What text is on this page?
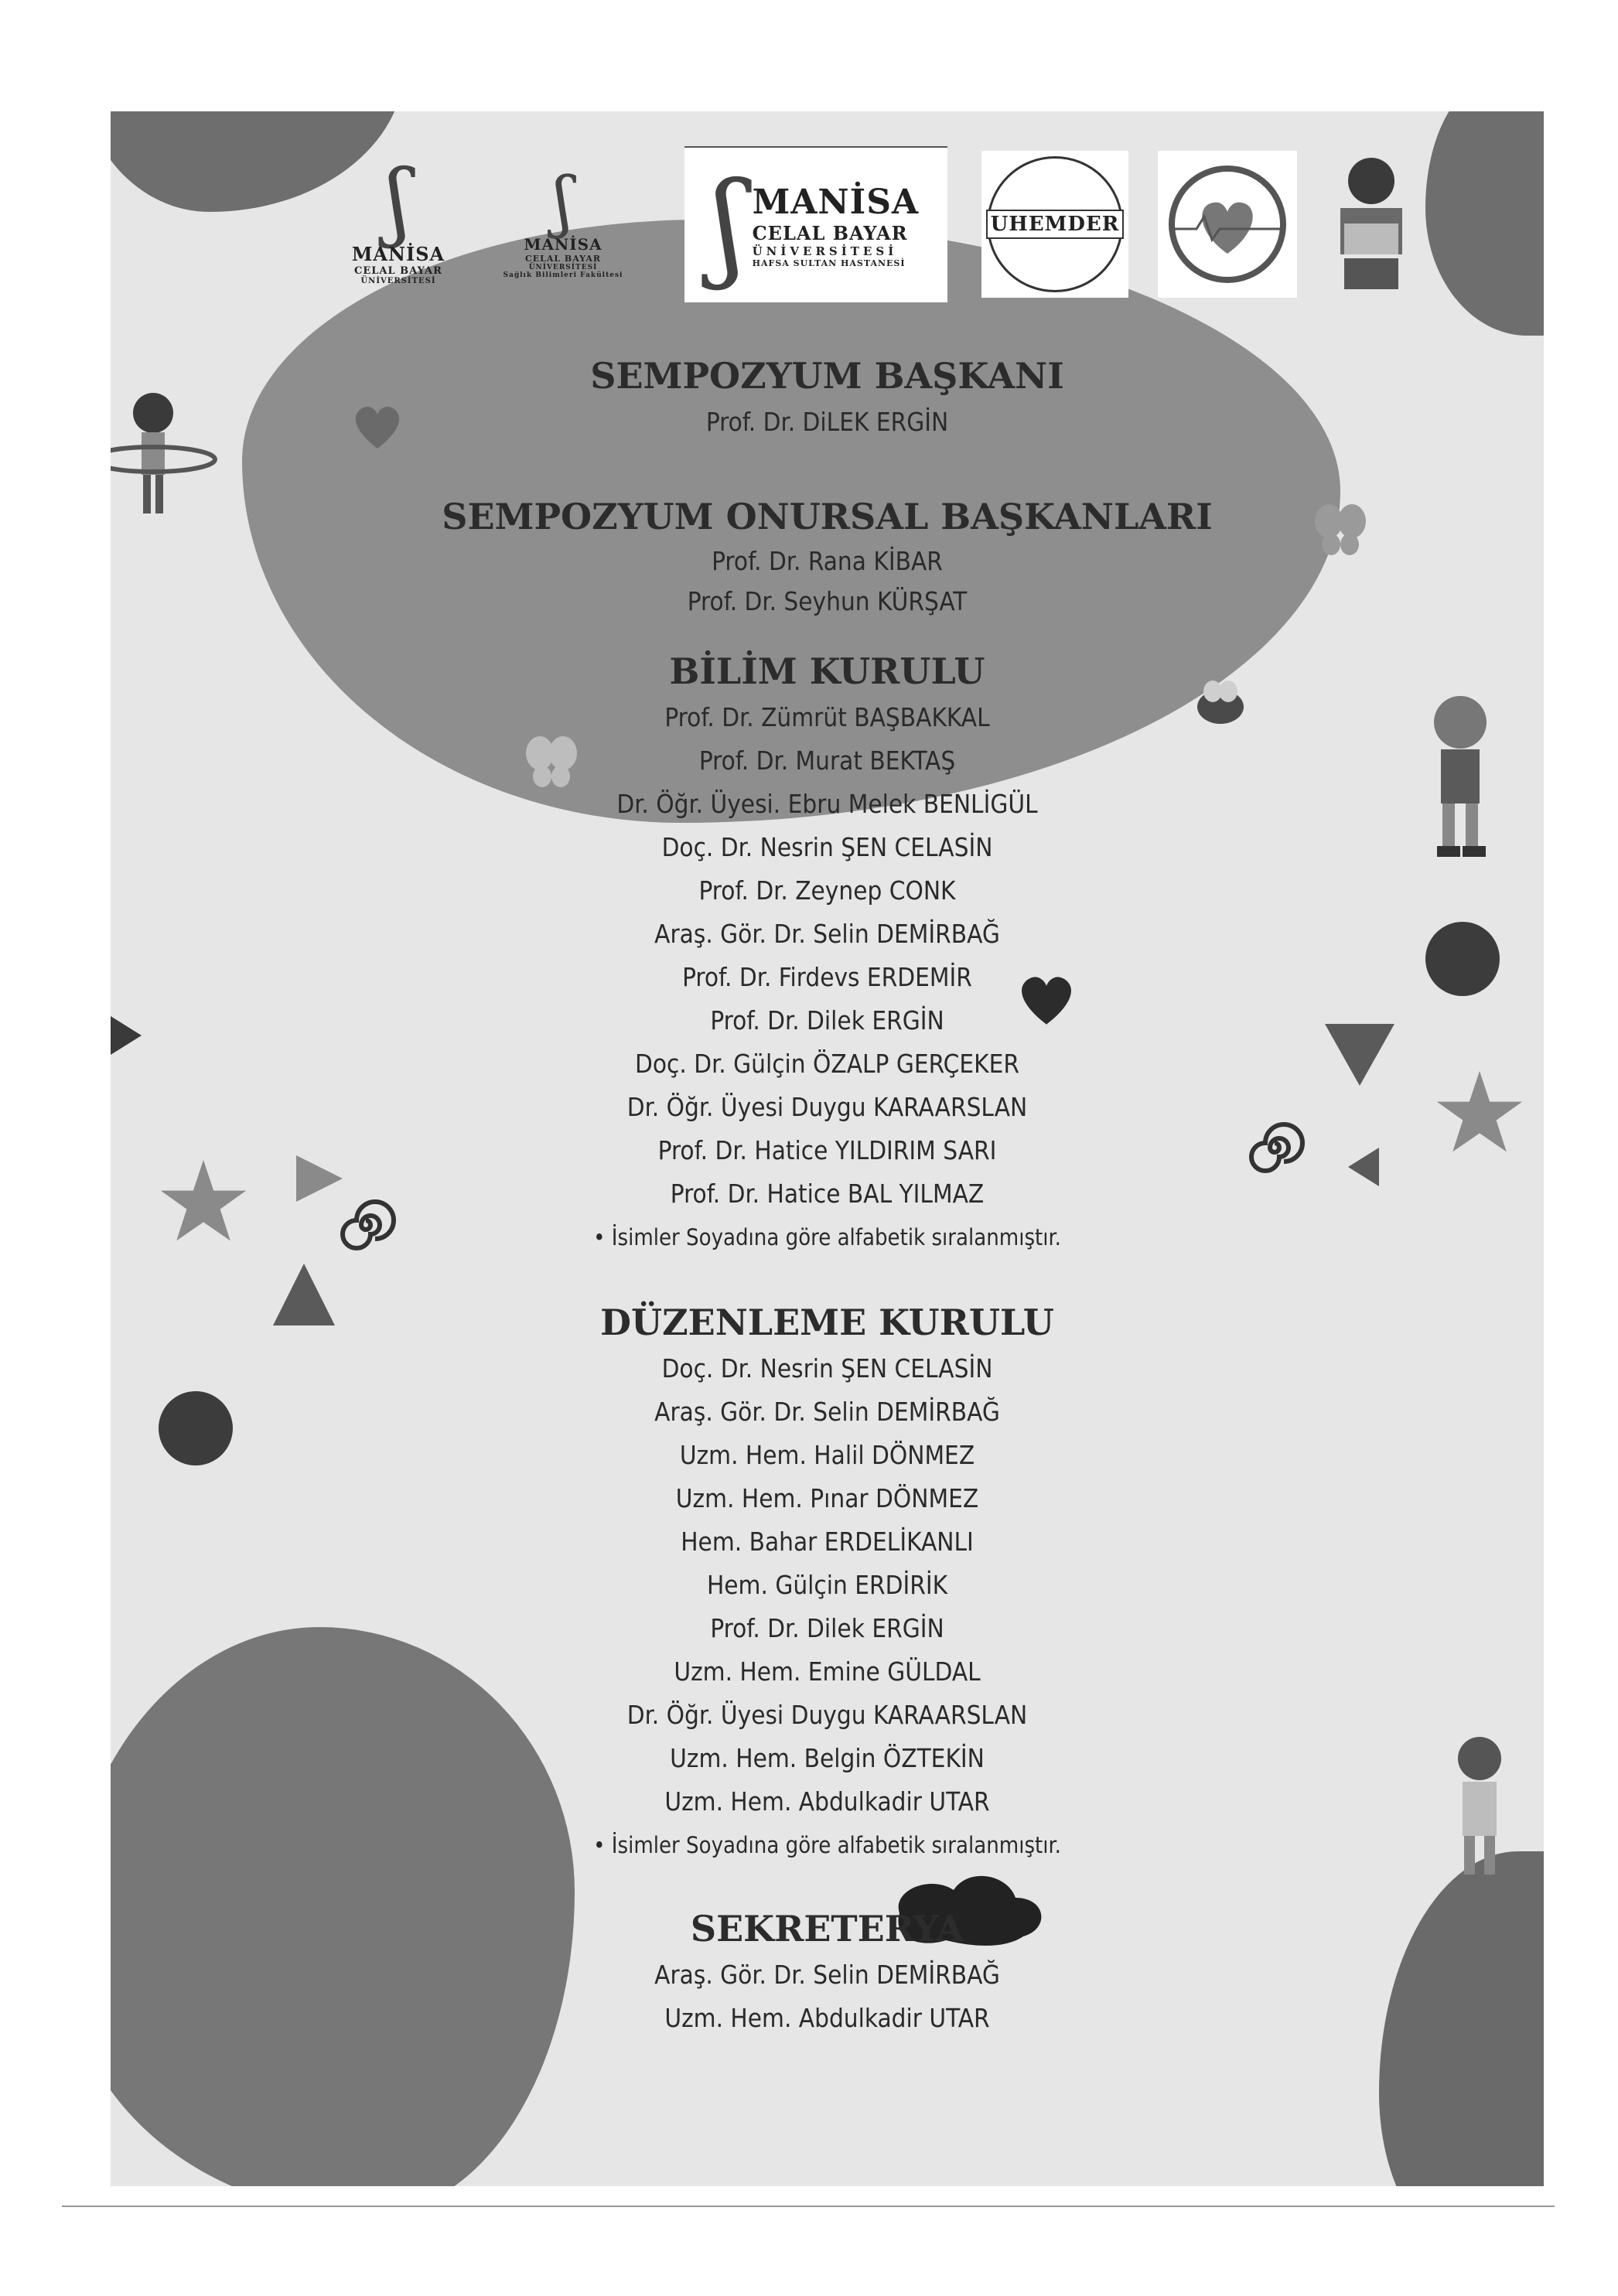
ʃ
MANİSA
CELAL BAYAR
ÜNİVERSİTESİ
ʃ
MANİSA
CELAL BAYAR
ÜNİVERSİTESİ
Sağlık Bilimleri Fakültesi ʃ MANİSA
CELAL BAYAR
ÜNİVERSİTESİ
HAFSA SULTAN HASTANESİ
UHEMDER
SEMPOZYUM BAŞKANI

Prof. Dr. DiLEK ERGİN

SEMPOZYUM ONURSAL BAŞKANLARI

Prof. Dr. Rana KİBAR

Prof. Dr. Seyhun KÜRŞAT

BİLİM KURULU

Prof. Dr. Zümrüt BAŞBAKKAL

Prof. Dr. Murat BEKTAŞ

Dr. Öğr. Üyesi. Ebru Melek BENLİGÜL

Doç. Dr. Nesrin ŞEN CELASİN

Prof. Dr. Zeynep CONK

Araş. Gör. Dr. Selin DEMİRBAĞ

Prof. Dr. Firdevs ERDEMİR

Prof. Dr. Dilek ERGİN

Doç. Dr. Gülçin ÖZALP GERÇEKER

Dr. Öğr. Üyesi Duygu KARAARSLAN

Prof. Dr. Hatice YILDIRIM SARI

Prof. Dr. Hatice BAL YILMAZ

• İsimler Soyadına göre alfabetik sıralanmıştır.

DÜZENLEME KURULU

Doç. Dr. Nesrin ŞEN CELASİN

Araş. Gör. Dr. Selin DEMİRBAĞ

Uzm. Hem. Halil DÖNMEZ

Uzm. Hem. Pınar DÖNMEZ

Hem. Bahar ERDELİKANLI

Hem. Gülçin ERDİRİK

Prof. Dr. Dilek ERGİN

Uzm. Hem. Emine GÜLDAL

Dr. Öğr. Üyesi Duygu KARAARSLAN

Uzm. Hem. Belgin ÖZTEKİN

Uzm. Hem. Abdulkadir UTAR

• İsimler Soyadına göre alfabetik sıralanmıştır.

SEKRETERYA

Araş. Gör. Dr. Selin DEMİRBAĞ

Uzm. Hem. Abdulkadir UTAR
